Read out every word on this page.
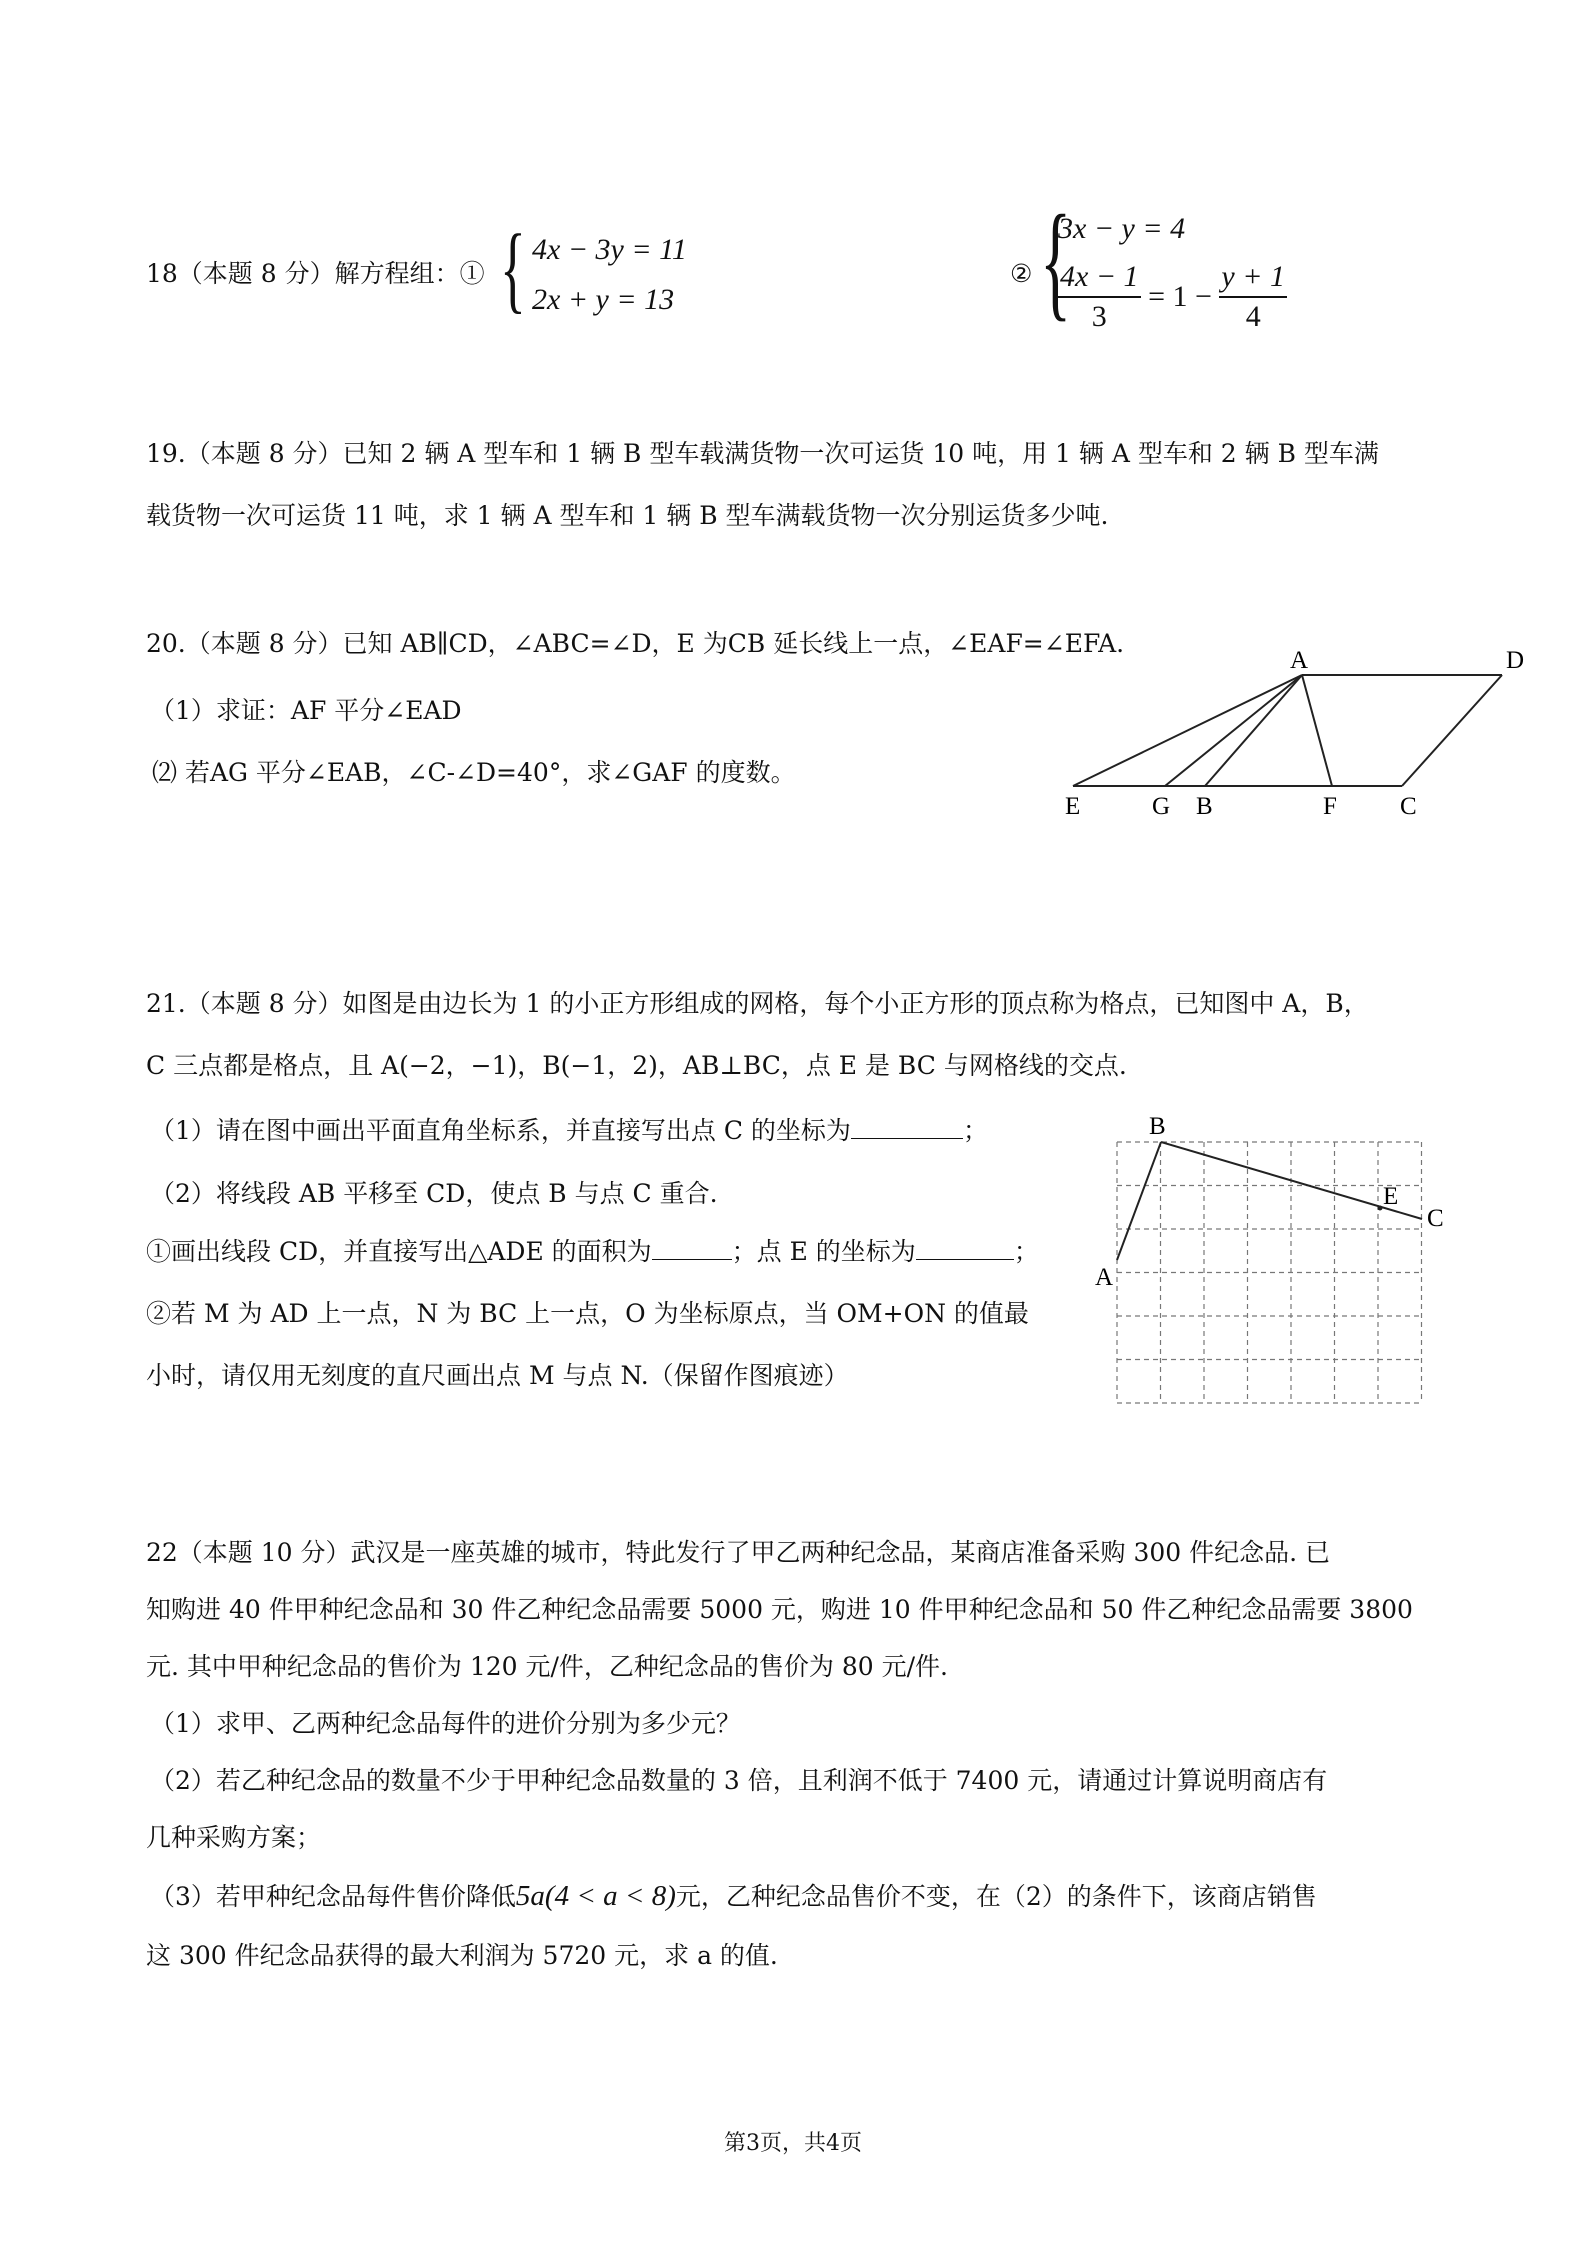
18（本题 8 分）解方程组：① { 4x − 3y = 11
2x + y = 13
② {
3x − y = 4
$\frac{4x - 1}{3} = 1 - \frac{y + 1}{4}$
19.（本题 8 分）已知 2 辆 A 型车和 1 辆 B 型车载满货物一次可运货 10 吨，用 1 辆 A 型车和 2 辆 B 型车满
载货物一次可运货 11 吨，求 1 辆 A 型车和 1 辆 B 型车满载货物一次分别运货多少吨.
20.（本题 8 分）已知 AB∥CD，∠ABC=∠D，E 为CB 延长线上一点，∠EAF=∠EFA.
（1）求证：AF 平分∠EAD
⑵ 若AG 平分∠EAB，∠C-∠D=40°，求∠GAF 的度数。
A	D
E	G B	F	C
21.（本题 8 分）如图是由边长为 1 的小正方形组成的网格，每个小正方形的顶点称为格点，已知图中 A，B，
C 三点都是格点，且 A(−2，−1)，B(−1，2)，AB⊥BC，点 E 是 BC 与网格线的交点.
（1）请在图中画出平面直角坐标系，并直接写出点 C 的坐标为	；
（2）将线段 AB 平移至 CD，使点 B 与点 C 重合.
①画出线段 CD，并直接写出△ADE 的面积为	；点 E 的坐标为	；
②若 M 为 AD 上一点，N 为 BC 上一点，O 为坐标原点，当 OM+ON 的值最
小时，请仅用无刻度的直尺画出点 M 与点 N.（保留作图痕迹）
B
A
E
C
22（本题 10 分）武汉是一座英雄的城市，特此发行了甲乙两种纪念品，某商店准备采购 300 件纪念品. 已
知购进 40 件甲种纪念品和 30 件乙种纪念品需要 5000 元，购进 10 件甲种纪念品和 50 件乙种纪念品需要 3800
元. 其中甲种纪念品的售价为 120 元/件，乙种纪念品的售价为 80 元/件.
（1）求甲、乙两种纪念品每件的进价分别为多少元？
（2）若乙种纪念品的数量不少于甲种纪念品数量的 3 倍，且利润不低于 7400 元，请通过计算说明商店有
几种采购方案；
（3）若甲种纪念品每件售价降低5a(4 < a < 8)元，乙种纪念品售价不变，在（2）的条件下，该商店销售
这 300 件纪念品获得的最大利润为 5720 元，求 a 的值.
第3页，共4页
